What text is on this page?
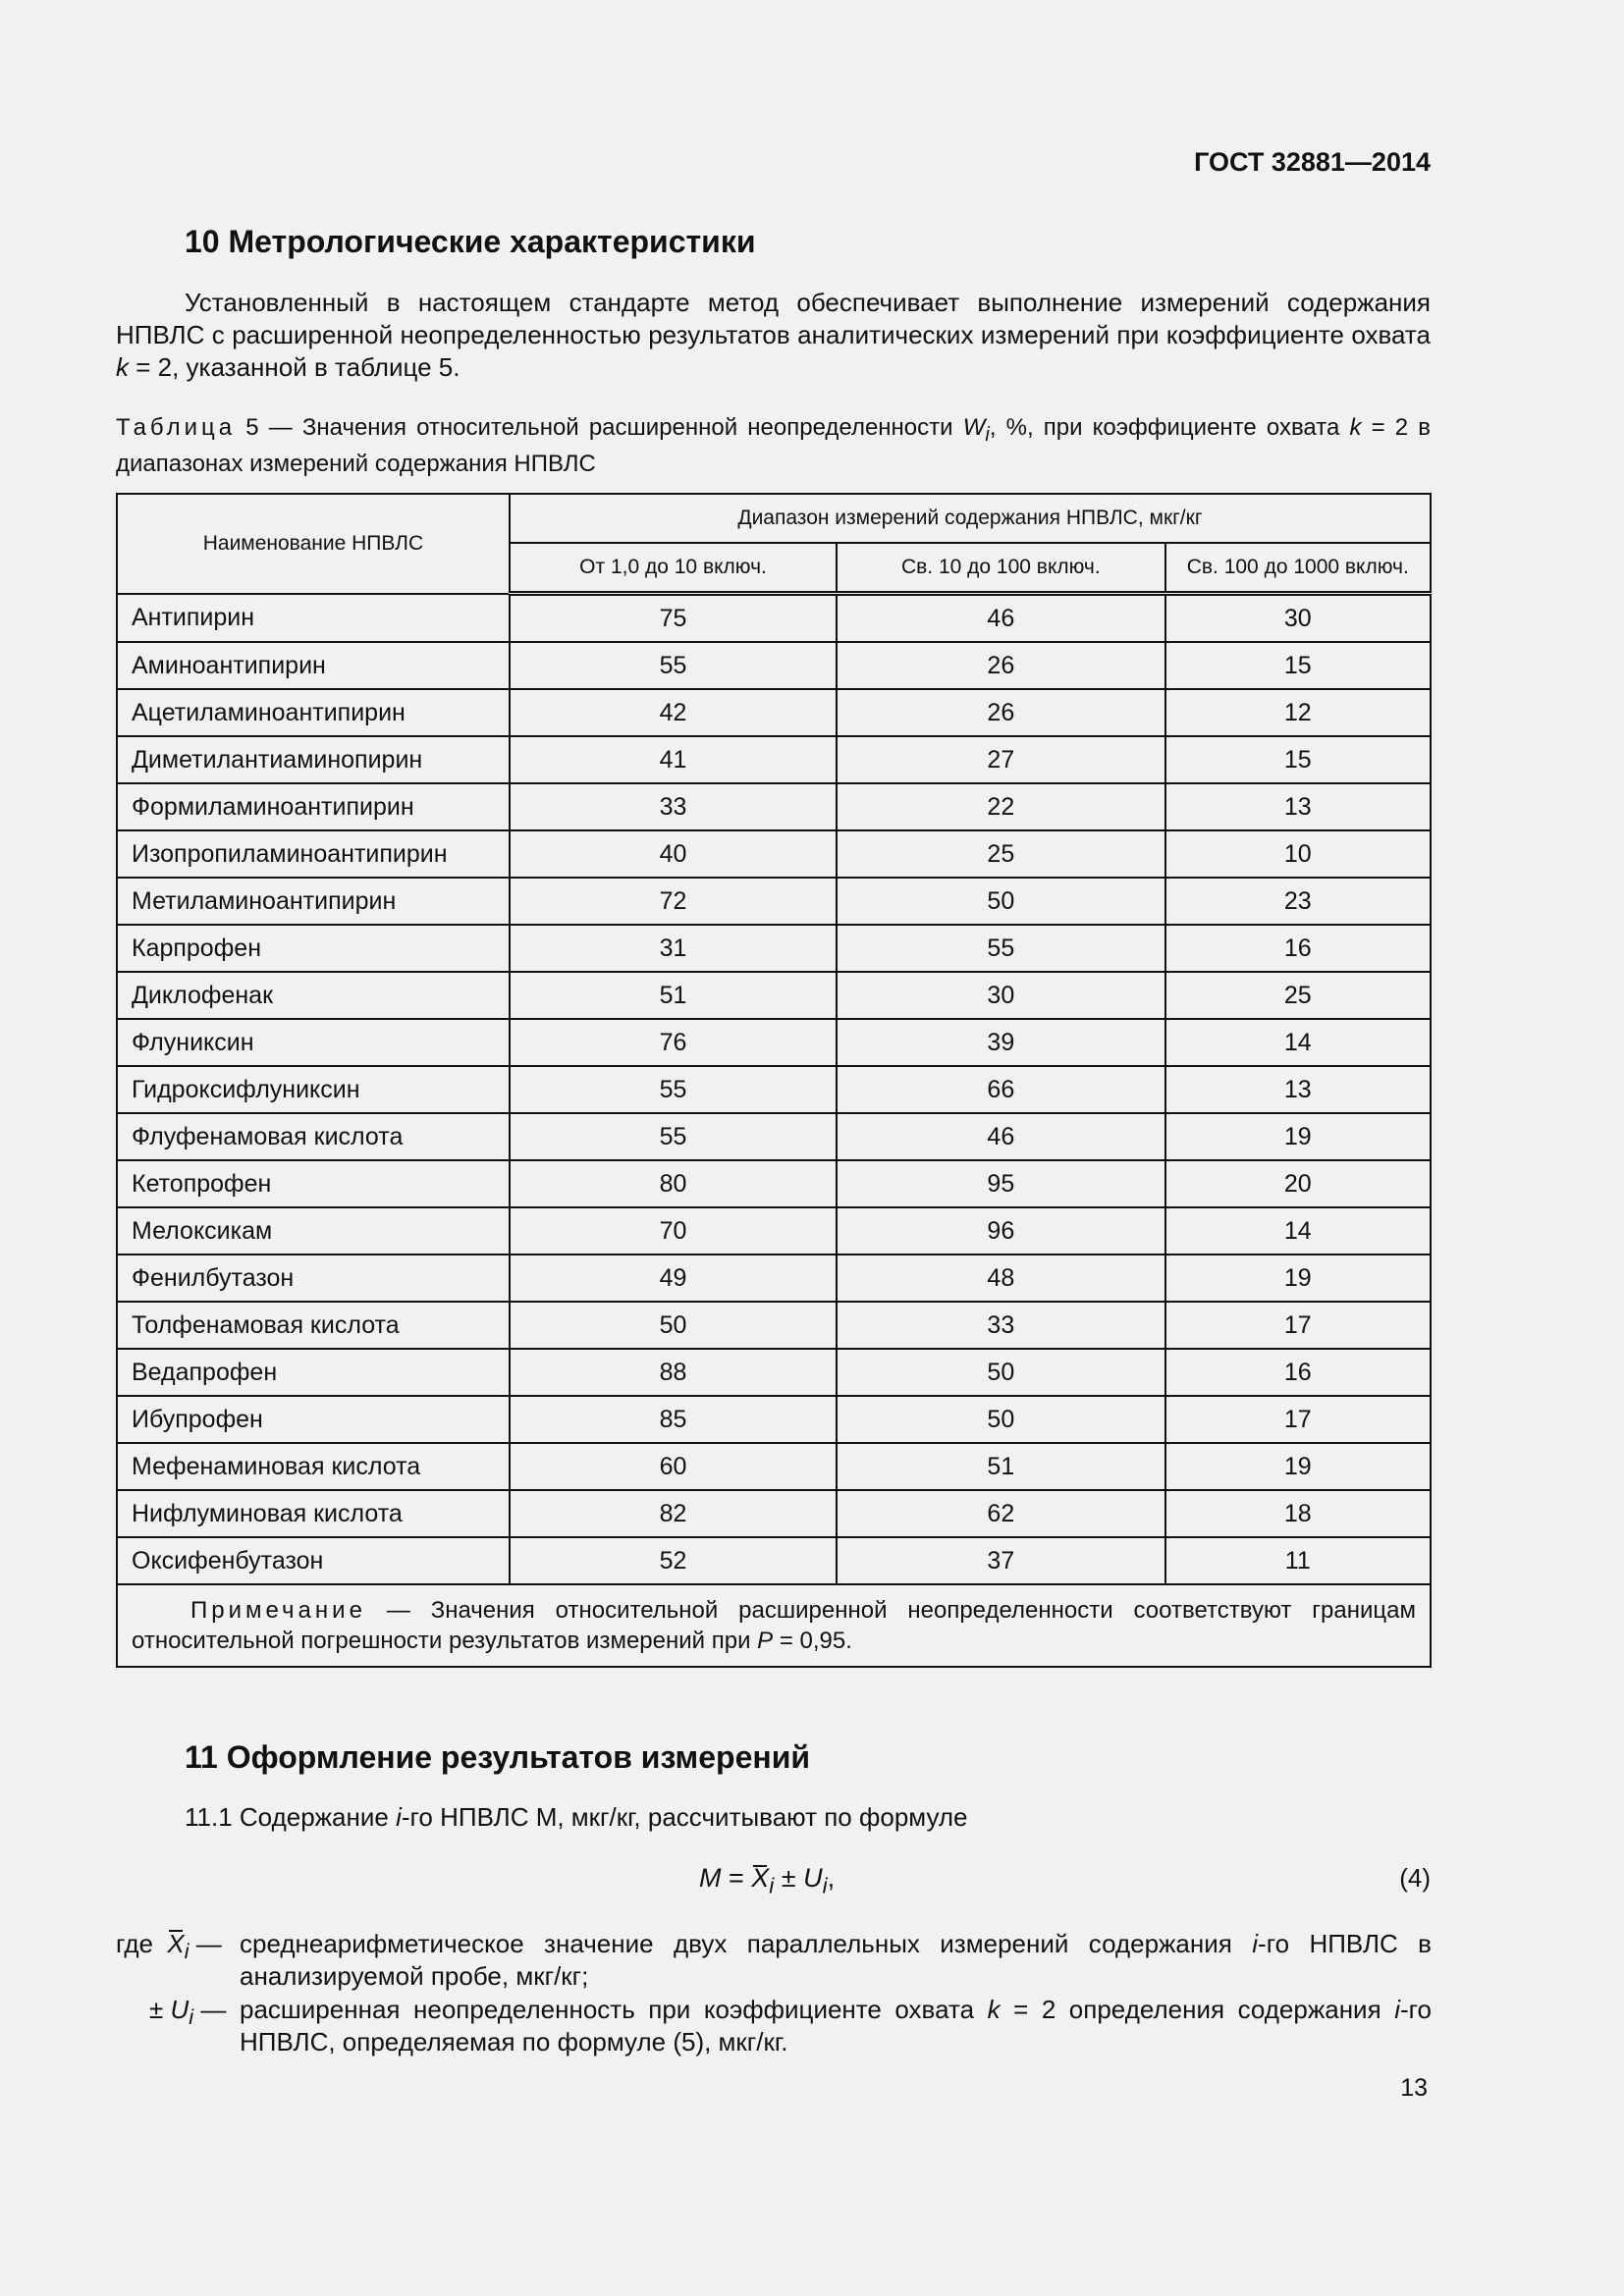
ГОСТ 32881—2014
10 Метрологические характеристики

Установленный в настоящем стандарте метод обеспечивает выполнение измерений содержания НПВЛС с расширенной неопределенностью результатов аналитических измерений при коэффициенте охвата k = 2, указанной в таблице 5.

Таблица 5 — Значения относительной расширенной неопределенности $W_i$, %, при коэффициенте охвата k = 2 в диапазонах измерений содержания НПВЛС

Наименование НПВЛС	Диапазон измерений содержания НПВЛС, мкг/кг		
	От 1,0 до 10 включ.	Св. 10 до 100 включ.	Св. 100 до 1000 включ.
Антипирин	75	46	30
Аминоантипирин	55	26	15
Ацетиламиноантипирин	42	26	12
Диметилантиаминопирин	41	27	15
Формиламиноантипирин	33	22	13
Изопропиламиноантипирин	40	25	10
Метиламиноантипирин	72	50	23
Карпрофен	31	55	16
Диклофенак	51	30	25
Флуниксин	76	39	14
Гидроксифлуниксин	55	66	13
Флуфенамовая кислота	55	46	19
Кетопрофен	80	95	20
Мелоксикам	70	96	14
Фенилбутазон	49	48	19
Толфенамовая кислота	50	33	17
Ведапрофен	88	50	16
Ибупрофен	85	50	17
Мефенаминовая кислота	60	51	19
Нифлуминовая кислота	82	62	18
Оксифенбутазон	52	37	11
Примечание — Значения относительной расширенной неопределенности соответствуют границам относительной погрешности результатов измерений при P = 0,95.			
11 Оформление результатов измерений

11.1 Содержание i-го НПВЛС М, мкг/кг, рассчитывают по формуле

$M = X_i \pm U_i$,	(4)
где $X_i$ — среднеарифметическое значение двух параллельных измерений содержания i-го НПВЛС в анализируемой пробе, мкг/кг;
± $U_i$ — расширенная неопределенность при коэффициенте охвата k = 2 определения содержания i-го НПВЛС, определяемая по формуле (5), мкг/кг.
13
